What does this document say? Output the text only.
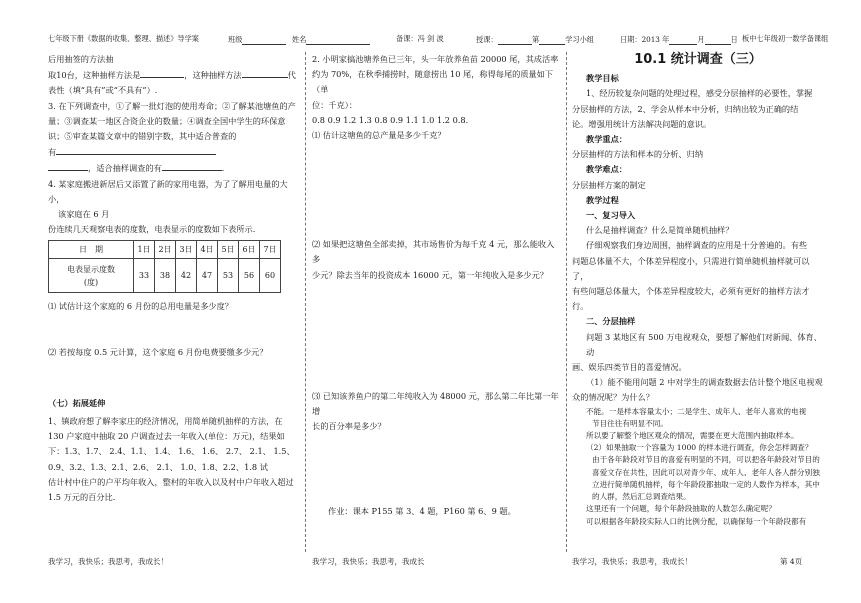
七年级下册《数据的收集、整理、描述》导学案	班级	姓名	备课：冯 剑 波	授课：	第	学习小组	日期：2013 年	月	日 板中七年级初一数学备课组

后用抽签的方法抽

取10台，这种抽样方法是	，这种抽样方法	代

表性（填“具有”或“不具有”）.

3. 在下列调查中，①了解一批灯泡的使用寿命；②了解某池塘鱼的产

量；③调查某一地区合资企业的数量；④调查全国中学生的环保意

识；⑤审查某篇文章中的错别字数，其中适合普查的

有

，适合抽样调查的有	.

4. 某家庭搬进新居后又添置了新的家用电器，为了了解用电量的大小，

该家庭在 6 月

份连续几天观察电表的度数，电表显示的度数如下表所示.

日　期	1日	2日	3日	4日	5日	6日	7日

电表显示度数
(度)	33	38	42	47	53	56	60

⑴ 试估计这个家庭的 6 月份的总用电量是多少度？

⑵ 若按每度 0.5 元计算，这个家庭 6 月份电费要缴多少元？

（七）拓展延伸

1、镇政府想了解李家庄的经济情况，用简单随机抽样的方法，在

130 户家庭中抽取 20 户调查过去一年收入(单位：万元)，结果如

下：1.3、1.7、 2.4、1.1、 1.4、 1.6、 1.6、 2.7、 2.1、 1.5、

0.9、3.2、1.3、2.1、2.6、 2.1、 1.0、1.8、2.2、1.8 试

估计村中住户的户平均年收入，整村的年收入以及村中户年收入超过

1.5 万元的百分比.

2. 小明家搞池塘养鱼已三年，头一年放养鱼苗 20000 尾，其成活率

约为 70%，在秋季捕捞时，随意捞出 10 尾，称得每尾的质量如下（单

位：千克）：

0.8 0.9 1.2 1.3 0.8 0.9 1.1 1.0 1.2 0.8.

⑴ 估计这塘鱼的总产量是多少千克？

⑵ 如果把这塘鱼全部卖掉，其市场售价为每千克 4 元，那么能收入多

少元？除去当年的投资成本 16000 元，第一年纯收入是多少元？

⑶ 已知该养鱼户的第二年纯收入为 48000 元，那么第二年比第一年增

长的百分率是多少？

作业：课本 P155 第 3、4 题，P160 第 6、9 题。

10.1 统计调查（三）

教学目标

1、经历较复杂问题的处理过程，感受分层抽样的必要性，掌握

分层抽样的方法，2、学会从样本中分析，归纳出较为正确的结

论。增强用统计方法解决问题的意识。

教学重点：

分层抽样的方法和样本的分析、归纳

教学难点：

分层抽样方案的制定

教学过程

一、复习导入

什么是抽样调查？什么是简单随机抽样？

仔细观察我们身边周围，抽样调查的应用是十分普遍的。有些

问题总体量不大，个体差异程度小，只需进行简单随机抽样就可以了，

有些问题总体量大，个体差异程度较大，必须有更好的抽样方法才行。

二、分层抽样

问题 3 某地区有 500 万电视观众，要想了解他们对新闻、体育、动

画、娱乐四类节目的喜爱情况。

（1）能不能用问题 2 中对学生的调查数据去估计整个地区电视观

众的情况呢？为什么？

不能。一是样本容量太小；二是学生、成年人、老年人喜欢的电视

节目往往有明显不同。

所以要了解整个地区观众的情况，需要在更大范围内抽取样本。

（2）如果抽取一个容量为 1000 的样本进行调查，你会怎样调查？

由于各年龄段对节目的喜爱有明显的不同，可以把各年龄段对节目的

喜爱文存在共性，因此可以对青少年、成年人、老年人各人群分别独

立进行简单随机抽样，每个年龄段都抽取一定的人数作为样本，其中

的人群，然后汇总调查结果。

这里还有一个问题，每个年龄段抽取的人数怎么确定呢？

可以根据各年龄段实际人口的比例分配，以确保每一个年龄段都有

我学习，我快乐；我思考，我成长！	我学习，我快乐；我思考，我成长	我学习，我快乐；我思考，我成长！	第 4页
